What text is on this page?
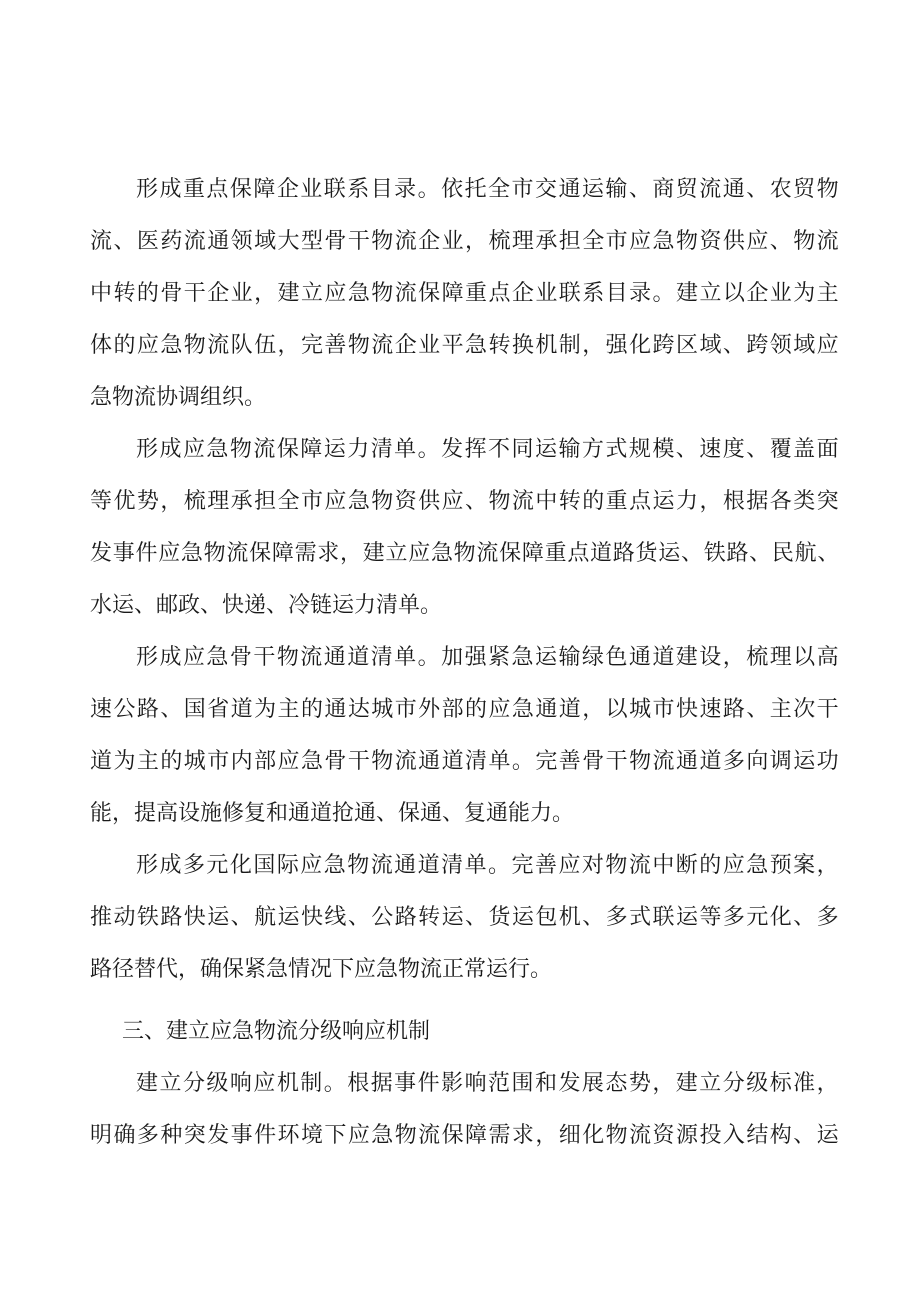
形成重点保障企业联系目录。依托全市交通运输、商贸流通、农贸物
流、医药流通领域大型骨干物流企业，梳理承担全市应急物资供应、物流
中转的骨干企业，建立应急物流保障重点企业联系目录。建立以企业为主
体的应急物流队伍，完善物流企业平急转换机制，强化跨区域、跨领域应
急物流协调组织。
形成应急物流保障运力清单。发挥不同运输方式规模、速度、覆盖面
等优势，梳理承担全市应急物资供应、物流中转的重点运力，根据各类突
发事件应急物流保障需求，建立应急物流保障重点道路货运、铁路、民航、
水运、邮政、快递、冷链运力清单。
形成应急骨干物流通道清单。加强紧急运输绿色通道建设，梳理以高
速公路、国省道为主的通达城市外部的应急通道，以城市快速路、主次干
道为主的城市内部应急骨干物流通道清单。完善骨干物流通道多向调运功
能，提高设施修复和通道抢通、保通、复通能力。
形成多元化国际应急物流通道清单。完善应对物流中断的应急预案，
推动铁路快运、航运快线、公路转运、货运包机、多式联运等多元化、多
路径替代，确保紧急情况下应急物流正常运行。
三、建立应急物流分级响应机制
建立分级响应机制。根据事件影响范围和发展态势，建立分级标准，
明确多种突发事件环境下应急物流保障需求，细化物流资源投入结构、运
